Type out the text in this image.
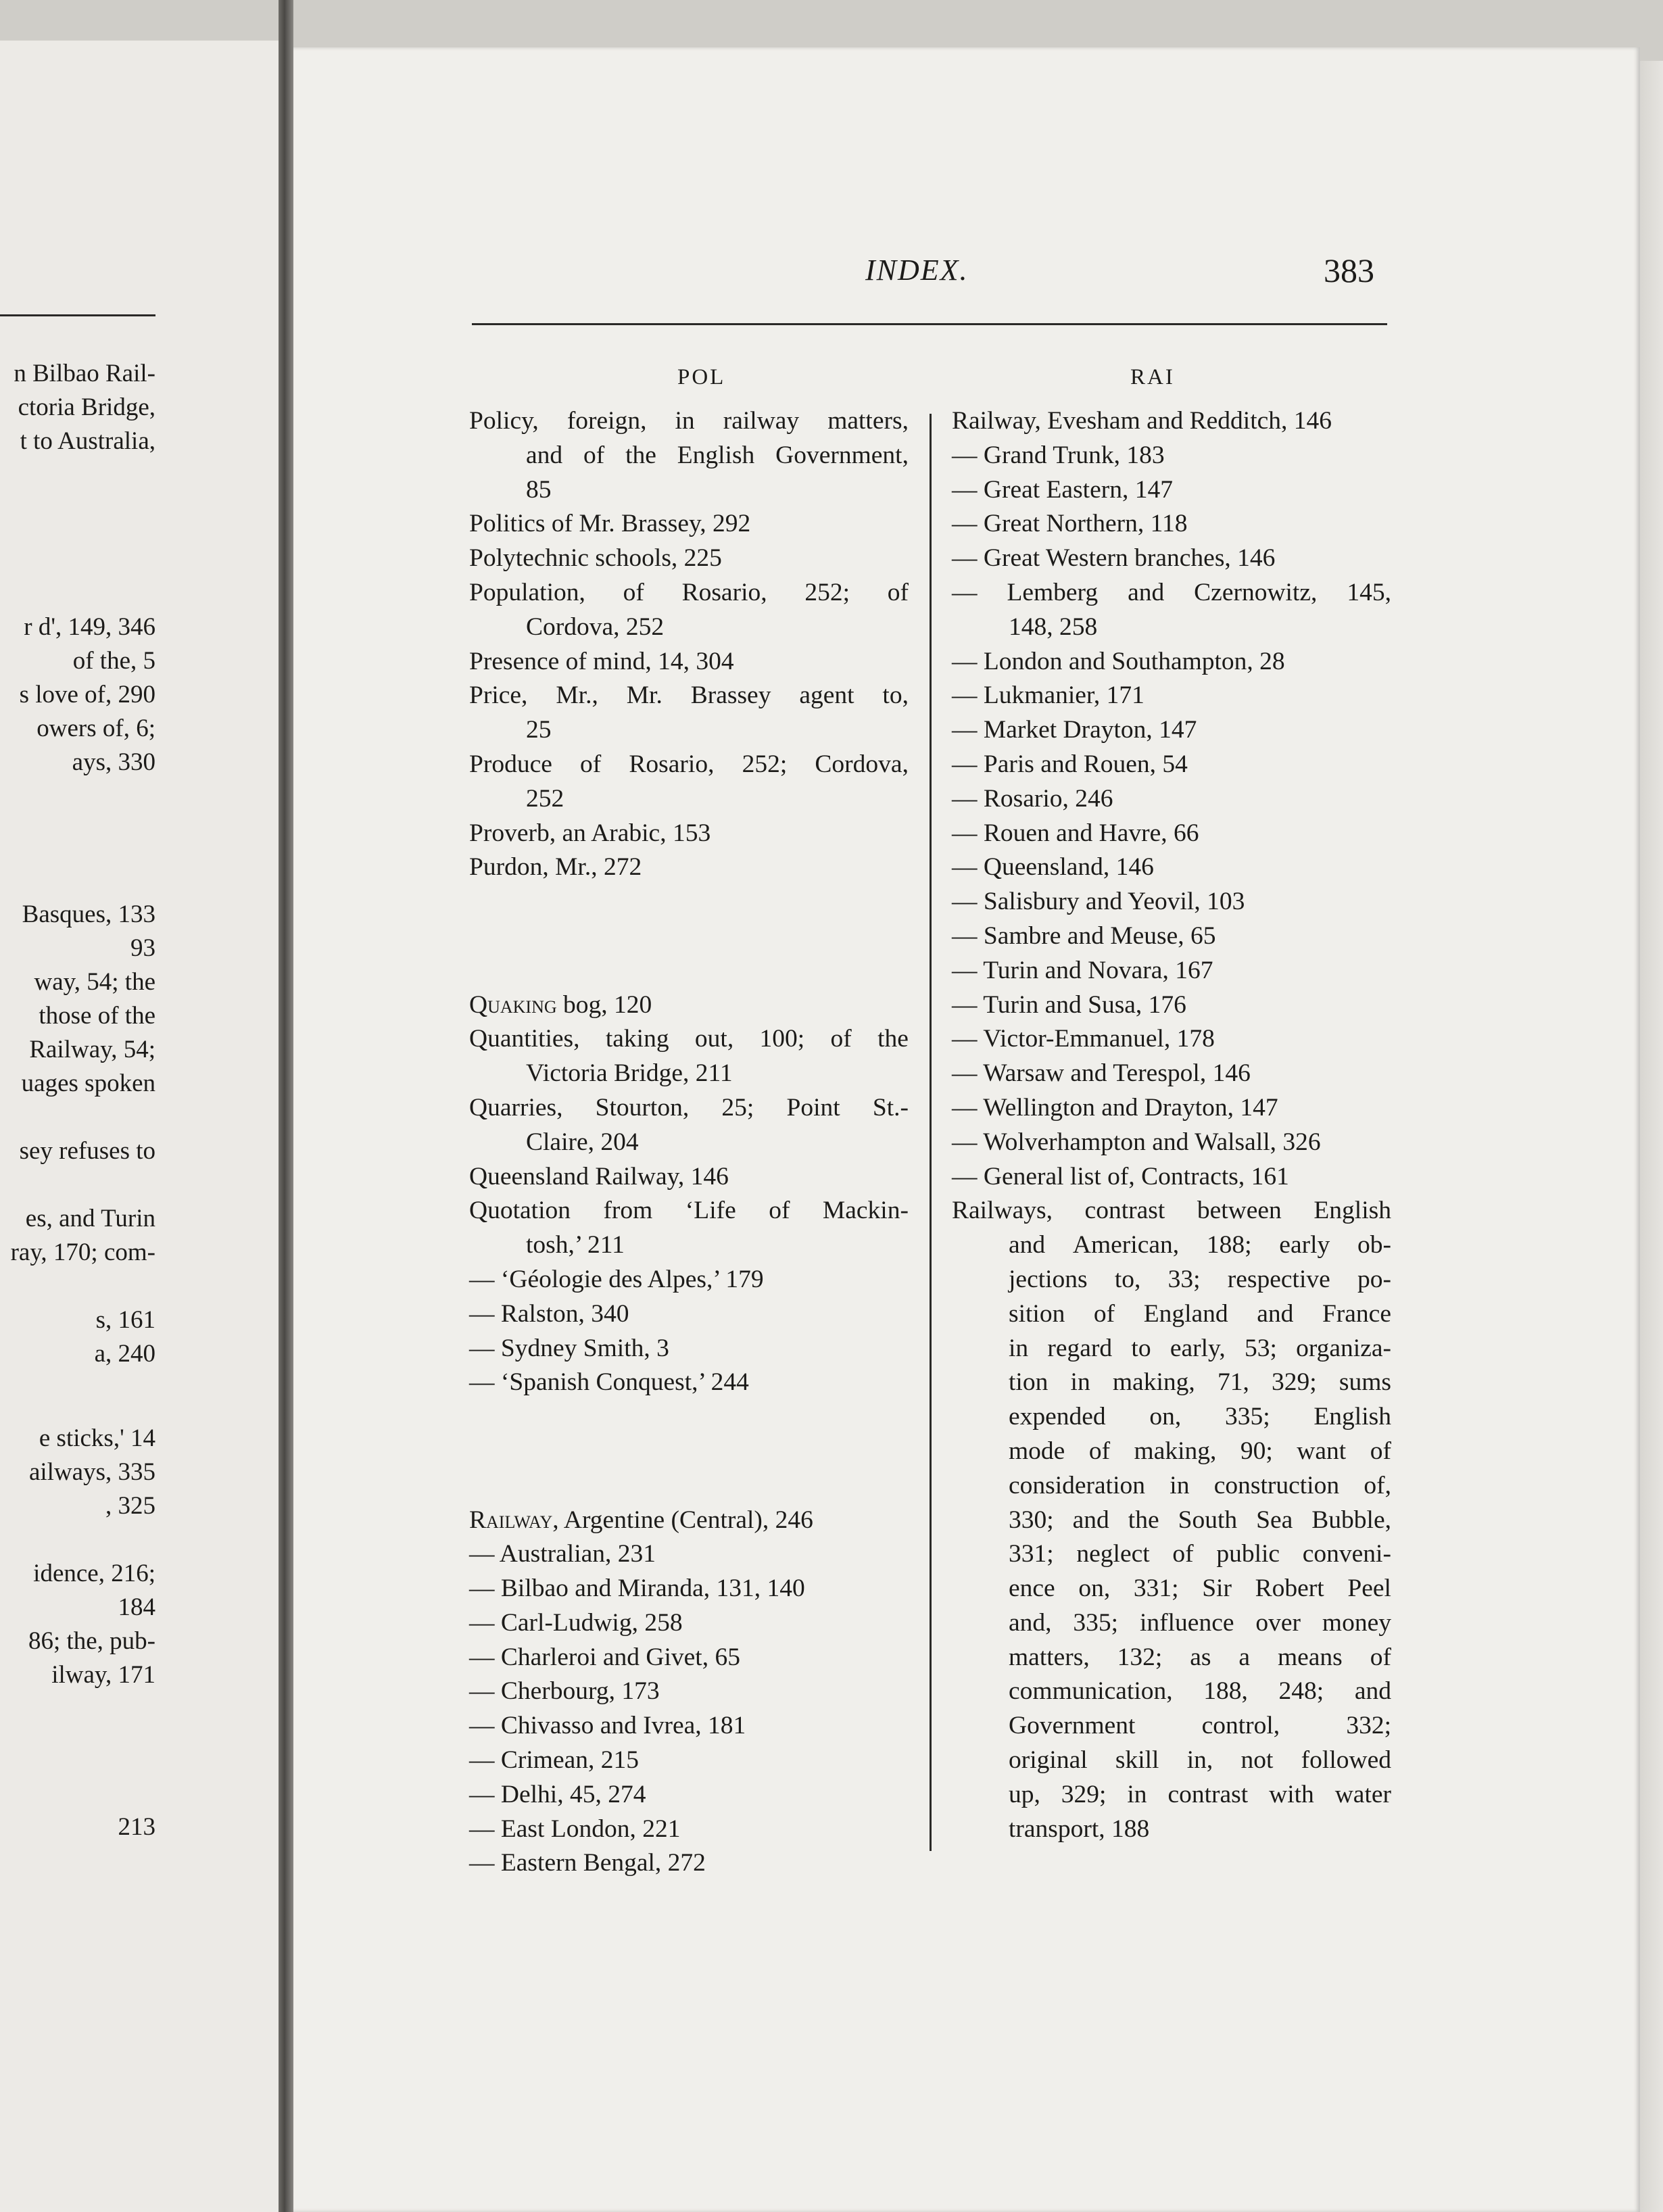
n Bilbao Rail-
ctoria Bridge,
t to Australia,
r d', 149, 346
of the, 5
s love of, 290
owers of, 6;
ays, 330
Basques, 133
93
way, 54; the
those of the
Railway, 54;
uages spoken
sey refuses to
es, and Turin
ray, 170; com-
s, 161
a, 240
e sticks,' 14
ailways, 335
, 325
idence, 216;
184
86; the, pub-
ilway, 171
213
INDEX.	383
POL	RAI
Policy, foreign, in railway matters,
and of the English Government,
85
Politics of Mr. Brassey, 292
Polytechnic schools, 225
Population, of Rosario, 252; of
Cordova, 252
Presence of mind, 14, 304
Price, Mr., Mr. Brassey agent to,
25
Produce of Rosario, 252; Cordova,
252
Proverb, an Arabic, 153
Purdon, Mr., 272
Quaking bog, 120
Quantities, taking out, 100; of the
Victoria Bridge, 211
Quarries, Stourton, 25; Point St.-
Claire, 204
Queensland Railway, 146
Quotation from ‘Life of Mackin-
tosh,’ 211
— ‘Géologie des Alpes,’ 179
— Ralston, 340
— Sydney Smith, 3
— ‘Spanish Conquest,’ 244
Railway, Argentine (Central), 246
— Australian, 231
— Bilbao and Miranda, 131, 140
— Carl-Ludwig, 258
— Charleroi and Givet, 65
— Cherbourg, 173
— Chivasso and Ivrea, 181
— Crimean, 215
— Delhi, 45, 274
— East London, 221
— Eastern Bengal, 272
Railway, Evesham and Redditch, 146
— Grand Trunk, 183
— Great Eastern, 147
— Great Northern, 118
— Great Western branches, 146
— Lemberg and Czernowitz, 145,
148, 258
— London and Southampton, 28
— Lukmanier, 171
— Market Drayton, 147
— Paris and Rouen, 54
— Rosario, 246
— Rouen and Havre, 66
— Queensland, 146
— Salisbury and Yeovil, 103
— Sambre and Meuse, 65
— Turin and Novara, 167
— Turin and Susa, 176
— Victor-Emmanuel, 178
— Warsaw and Terespol, 146
— Wellington and Drayton, 147
— Wolverhampton and Walsall, 326
— General list of, Contracts, 161
Railways, contrast between English
and American, 188; early ob-
jections to, 33; respective po-
sition of England and France
in regard to early, 53; organiza-
tion in making, 71, 329; sums
expended on, 335; English
mode of making, 90; want of
consideration in construction of,
330; and the South Sea Bubble,
331; neglect of public conveni-
ence on, 331; Sir Robert Peel
and, 335; influence over money
matters, 132; as a means of
communication, 188, 248; and
Government	control,	332;
original skill in, not followed
up, 329; in contrast with water
transport, 188
